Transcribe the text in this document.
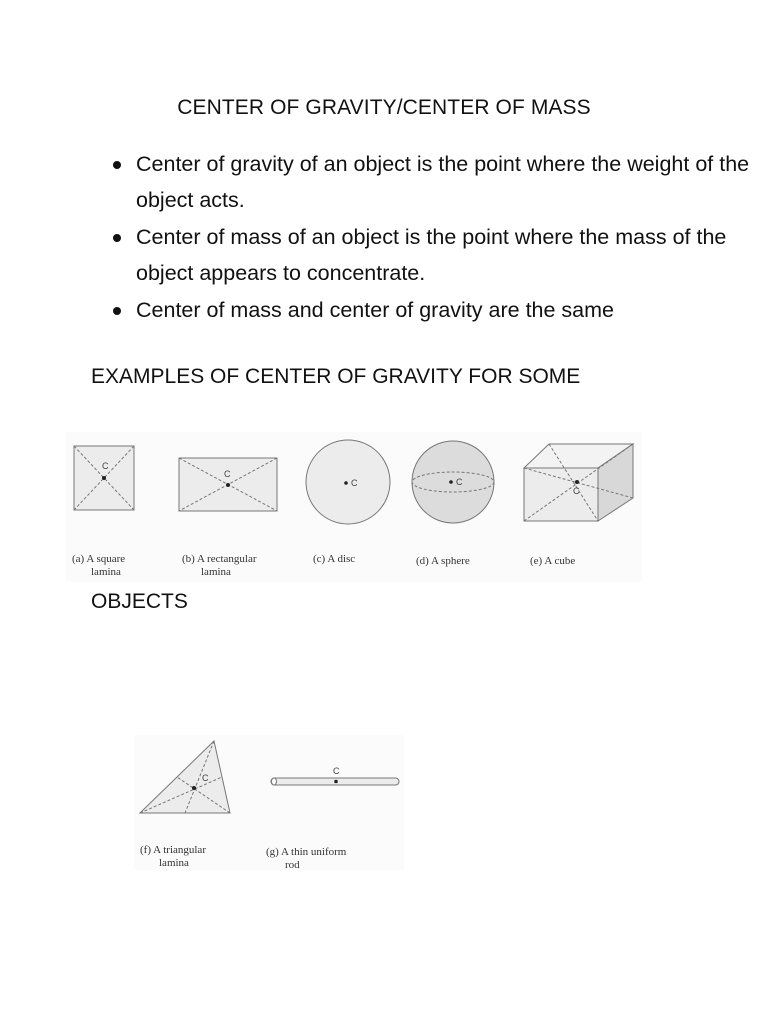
CENTER OF GRAVITY/CENTER OF MASS
Center of gravity of an object is the point where the weight of the object acts.
Center of mass of an object is the point where the mass of the object appears to concentrate.
Center of mass and center of gravity are the same
EXAMPLES OF CENTER OF GRAVITY FOR SOME
C
C
C	C
C

(a) A square

lamina

(b) A rectangular

lamina

(c) A disc	(d) A sphere	(e) A cube

OBJECTS
C
C

(f) A triangular

lamina

(g) A thin uniform

rod
